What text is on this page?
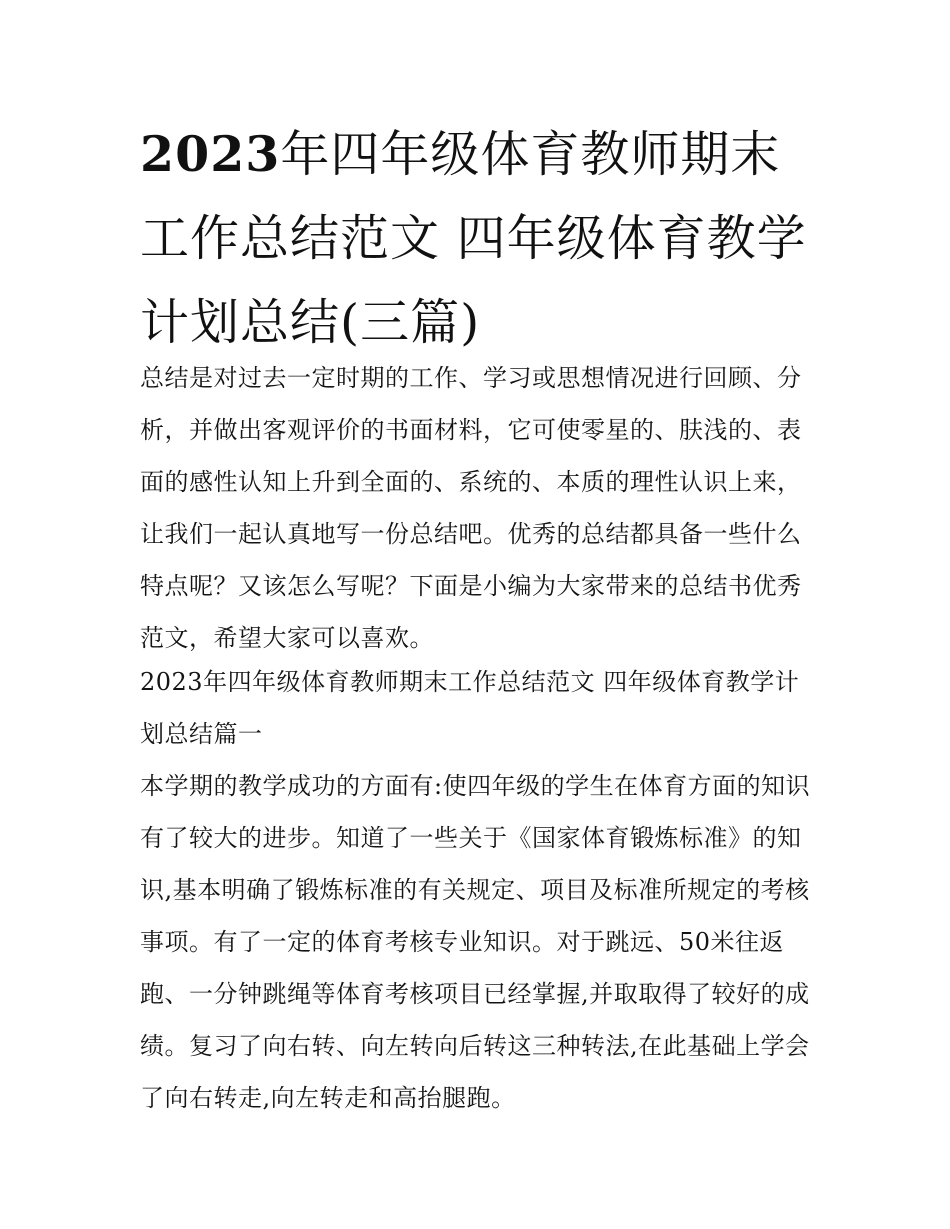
2023年四年级体育教师期末工作总结范文 四年级体育教学计划总结(三篇)

总结是对过去一定时期的工作、学习或思想情况进行回顾、分析，并做出客观评价的书面材料，它可使零星的、肤浅的、表面的感性认知上升到全面的、系统的、本质的理性认识上来，让我们一起认真地写一份总结吧。优秀的总结都具备一些什么特点呢？又该怎么写呢？下面是小编为大家带来的总结书优秀范文，希望大家可以喜欢。

2023年四年级体育教师期末工作总结范文 四年级体育教学计划总结篇一

本学期的教学成功的方面有:使四年级的学生在体育方面的知识有了较大的进步。知道了一些关于《国家体育锻炼标准》的知识,基本明确了锻炼标准的有关规定、项目及标准所规定的考核事项。有了一定的体育考核专业知识。对于跳远、50米往返跑、一分钟跳绳等体育考核项目已经掌握,并取取得了较好的成绩。复习了向右转、向左转向后转这三种转法,在此基础上学会了向右转走,向左转走和高抬腿跑。
